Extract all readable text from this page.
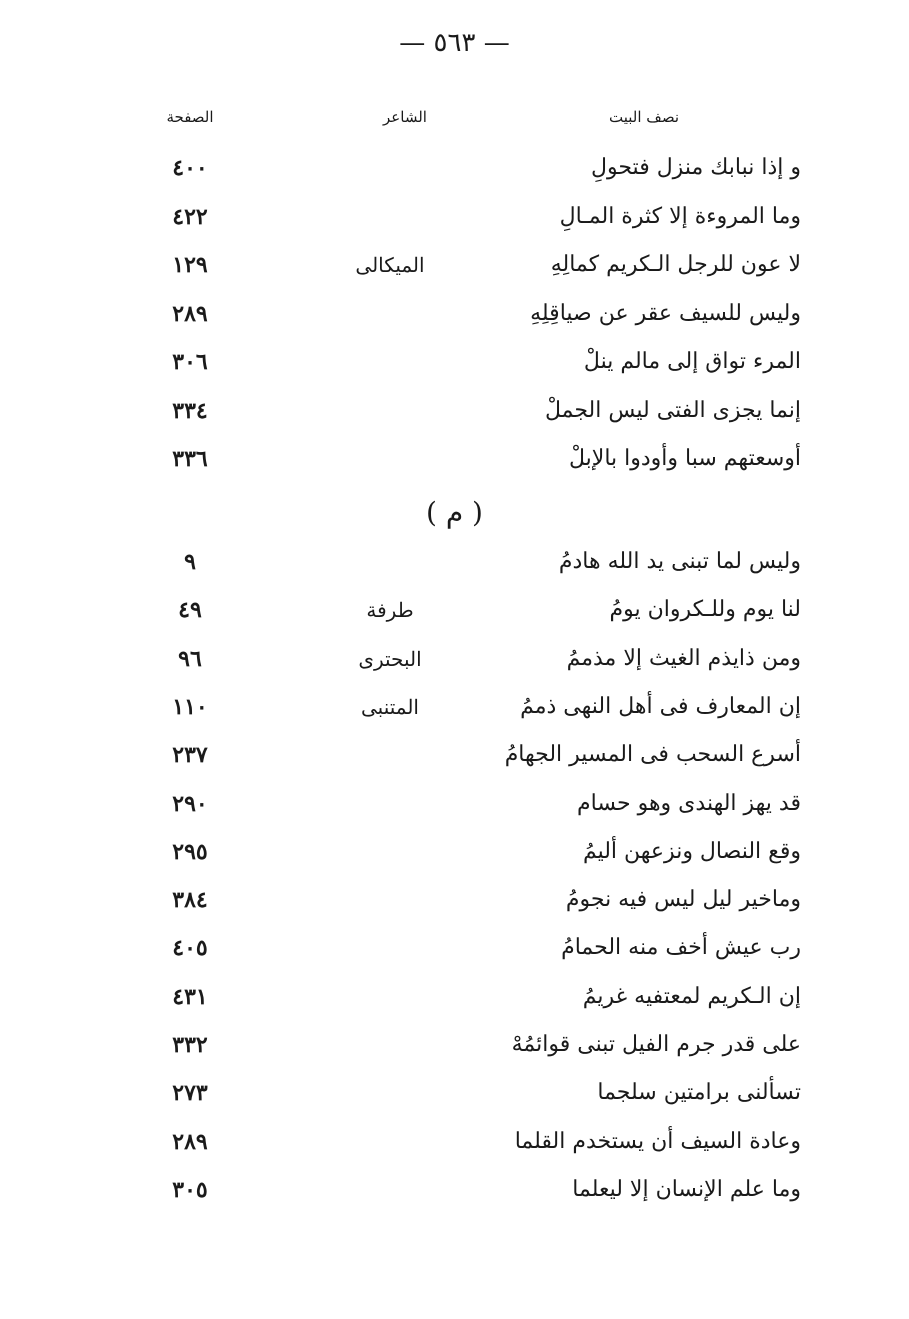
— ٥٦٣ —
نصف البيت
الشاعر
الصفحة
و إذا نبابك منزل فتحولِ
٤٠٠
وما المروءة إلا كثرة المـالِ
٤٢٢
لا عون للرجل الـكريم كمالِهِ
الميكالى
١٢٩
وليس للسيف عقر عن صياقِلِهِ
٢٨٩
المرء تواق إلى مالم ينلْ
٣٠٦
إنما يجزى الفتى ليس الجملْ
٣٣٤
أوسعتهم سبا وأودوا بالإبلْ
٣٣٦
( م )
وليس لما تبنى يد الله هادمُ
٩
لنا يوم وللـكروان يومُ
طرفة
٤٩
ومن ذايذم الغيث إلا مذممُ
البحترى
٩٦
إن المعارف فى أهل النهى ذممُ
المتنبى
١١٠
أسرع السحب فى المسير الجهامُ
٢٣٧
قد يهز الهندى وهو حسام
٢٩٠
وقع النصال ونزعهن أليمُ
٢٩٥
وماخير ليل ليس فيه نجومُ
٣٨٤
رب عيش أخف منه الحمامُ
٤٠٥
إن الـكريم لمعتفيه غريمُ
٤٣١
على قدر جرم الفيل تبنى قوائمُهْ
٣٣٢
تسألنى برامتين سلجما
٢٧٣
وعادة السيف أن يستخدم القلما
٢٨٩
وما علم الإنسان إلا ليعلما
٣٠٥
